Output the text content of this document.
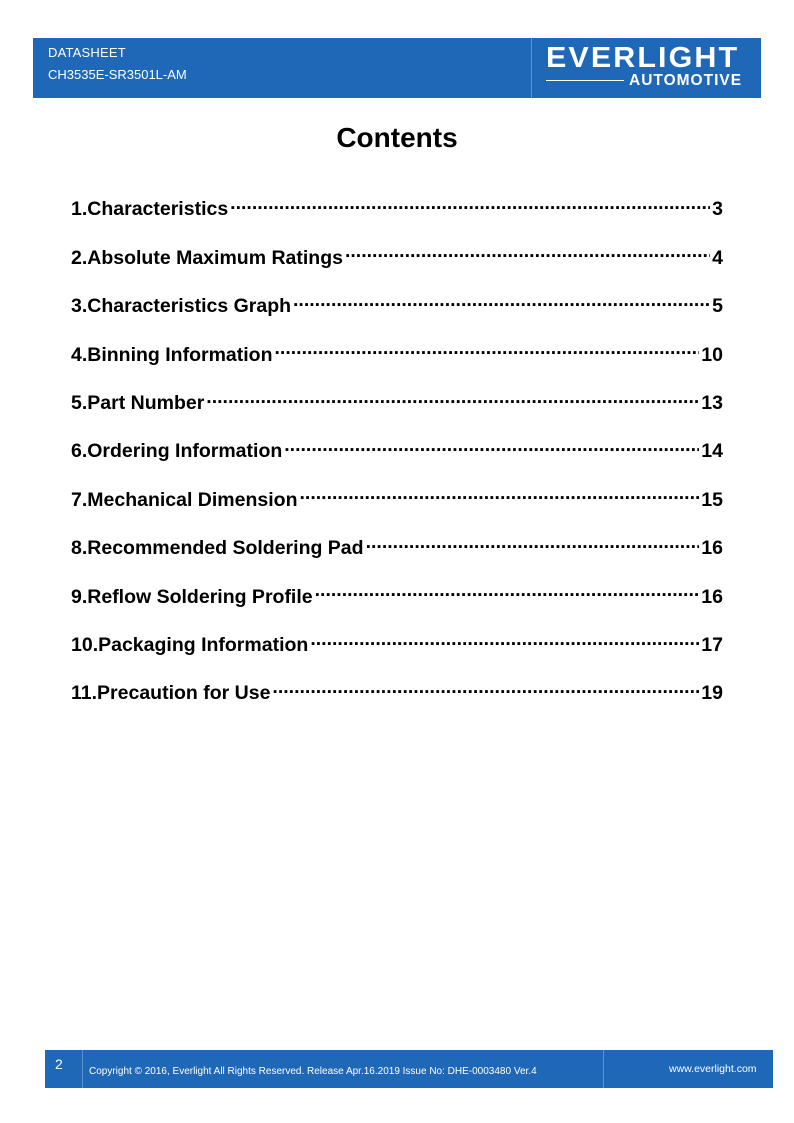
DATASHEET
CH3535E-SR3501L-AM
EVERLIGHT
AUTOMOTIVE
Contents
1.Characteristics .....	3
2.Absolute Maximum Ratings .....	4
3.Characteristics Graph .....	5
4.Binning Information .....	10
5.Part Number .....	13
6.Ordering Information .....	14
7.Mechanical Dimension .....	15
8.Recommended Soldering Pad .....	16
9.Reflow Soldering Profile .....	16
10.Packaging Information .....	17
11.Precaution for Use .....	19
2	Copyright © 2016, Everlight All Rights Reserved. Release Apr.16.2019 Issue No: DHE-0003480 Ver.4	www.everlight.com
